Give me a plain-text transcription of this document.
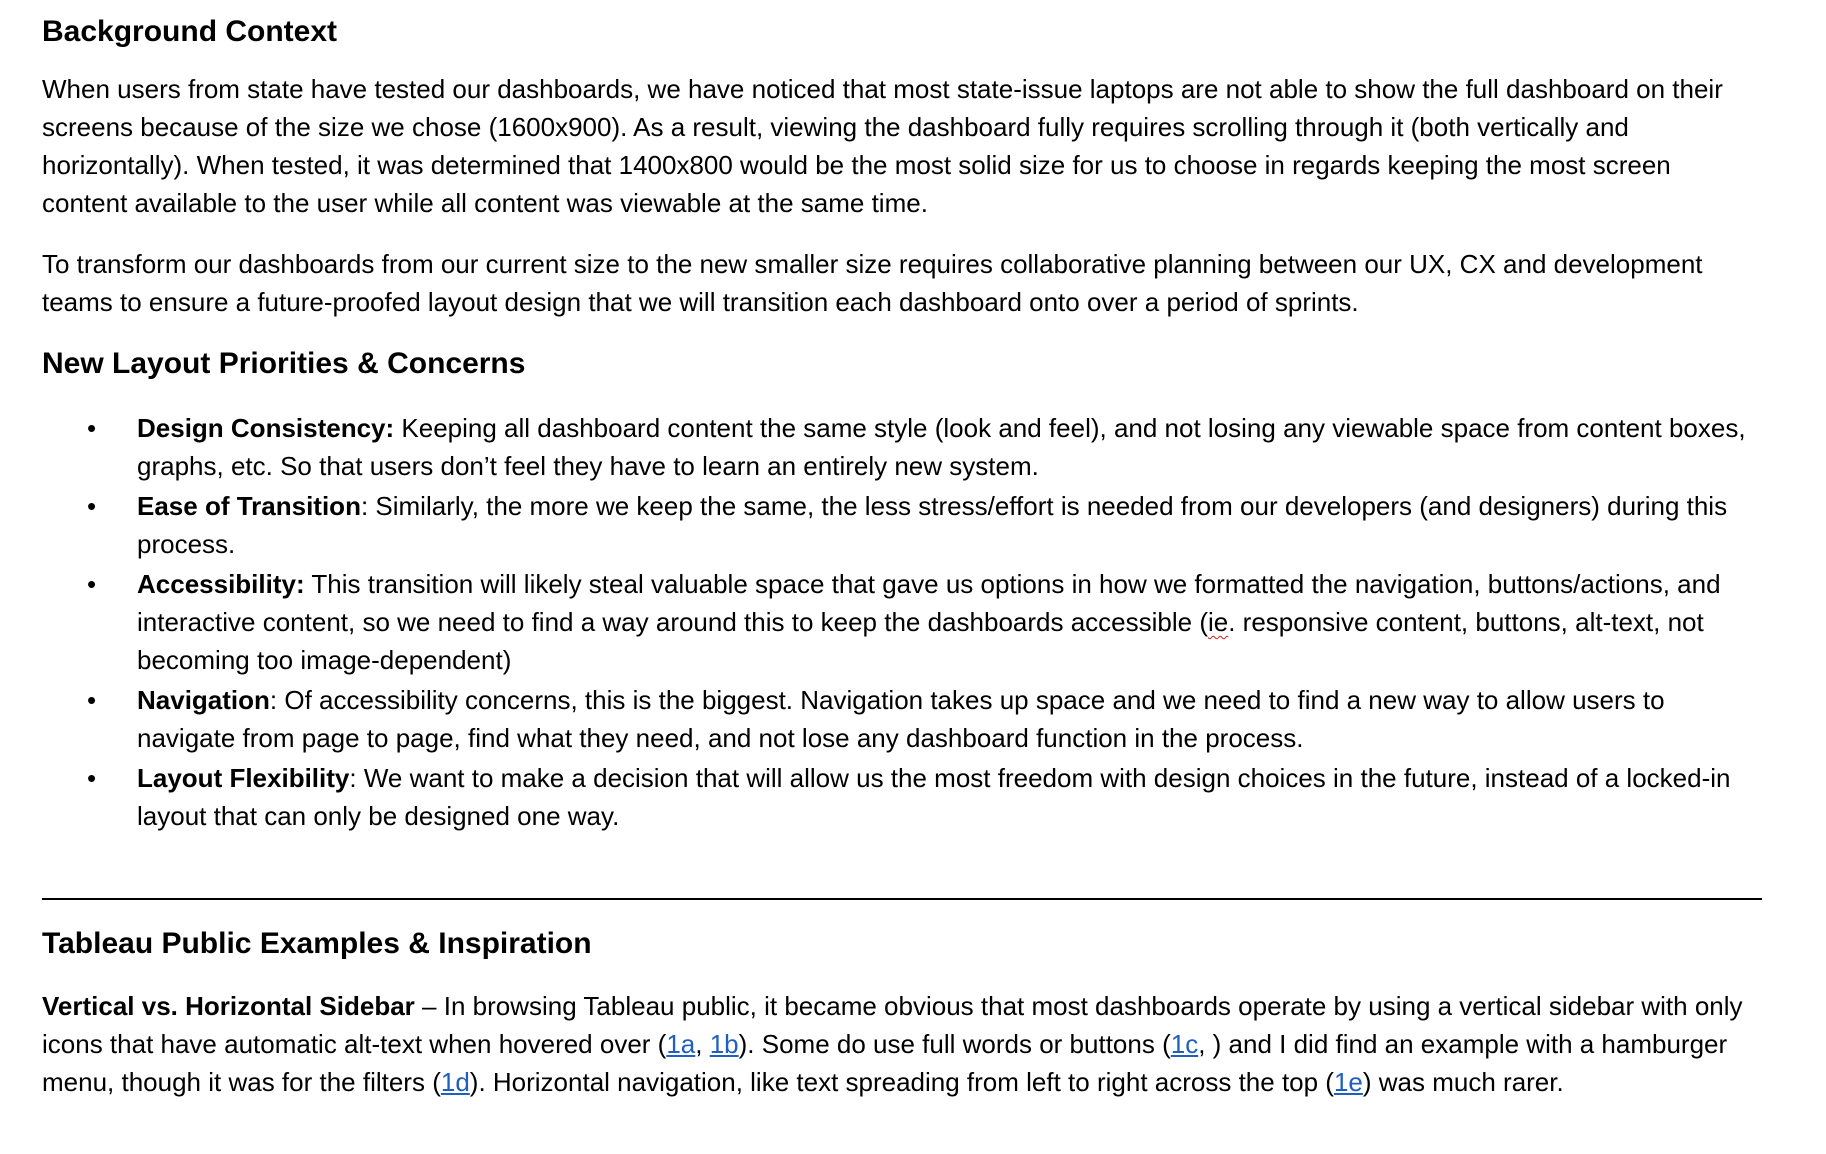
Background Context

When users from state have tested our dashboards, we have noticed that most state-issue laptops are not able to show the full dashboard on their screens because of the size we chose (1600x900). As a result, viewing the dashboard fully requires scrolling through it (both vertically and horizontally). When tested, it was determined that 1400x800 would be the most solid size for us to choose in regards keeping the most screen content available to the user while all content was viewable at the same time.

To transform our dashboards from our current size to the new smaller size requires collaborative planning between our UX, CX and development teams to ensure a future-proofed layout design that we will transition each dashboard onto over a period of sprints.

New Layout Priorities & Concerns
• Design Consistency: Keeping all dashboard content the same style (look and feel), and not losing any viewable space from content boxes, graphs, etc. So that users don’t feel they have to learn an entirely new system.
• Ease of Transition: Similarly, the more we keep the same, the less stress/effort is needed from our developers (and designers) during this process.
• Accessibility: This transition will likely steal valuable space that gave us options in how we formatted the navigation, buttons/actions, and interactive content, so we need to find a way around this to keep the dashboards accessible (ie. responsive content, buttons, alt-text, not becoming too image-dependent)
• Navigation: Of accessibility concerns, this is the biggest. Navigation takes up space and we need to find a new way to allow users to navigate from page to page, find what they need, and not lose any dashboard function in the process.
• Layout Flexibility: We want to make a decision that will allow us the most freedom with design choices in the future, instead of a locked-in layout that can only be designed one way.
Tableau Public Examples & Inspiration

Vertical vs. Horizontal Sidebar – In browsing Tableau public, it became obvious that most dashboards operate by using a vertical sidebar with only icons that have automatic alt-text when hovered over (1a, 1b). Some do use full words or buttons (1c, ) and I did find an example with a hamburger menu, though it was for the filters (1d). Horizontal navigation, like text spreading from left to right across the top (1e) was much rarer.
